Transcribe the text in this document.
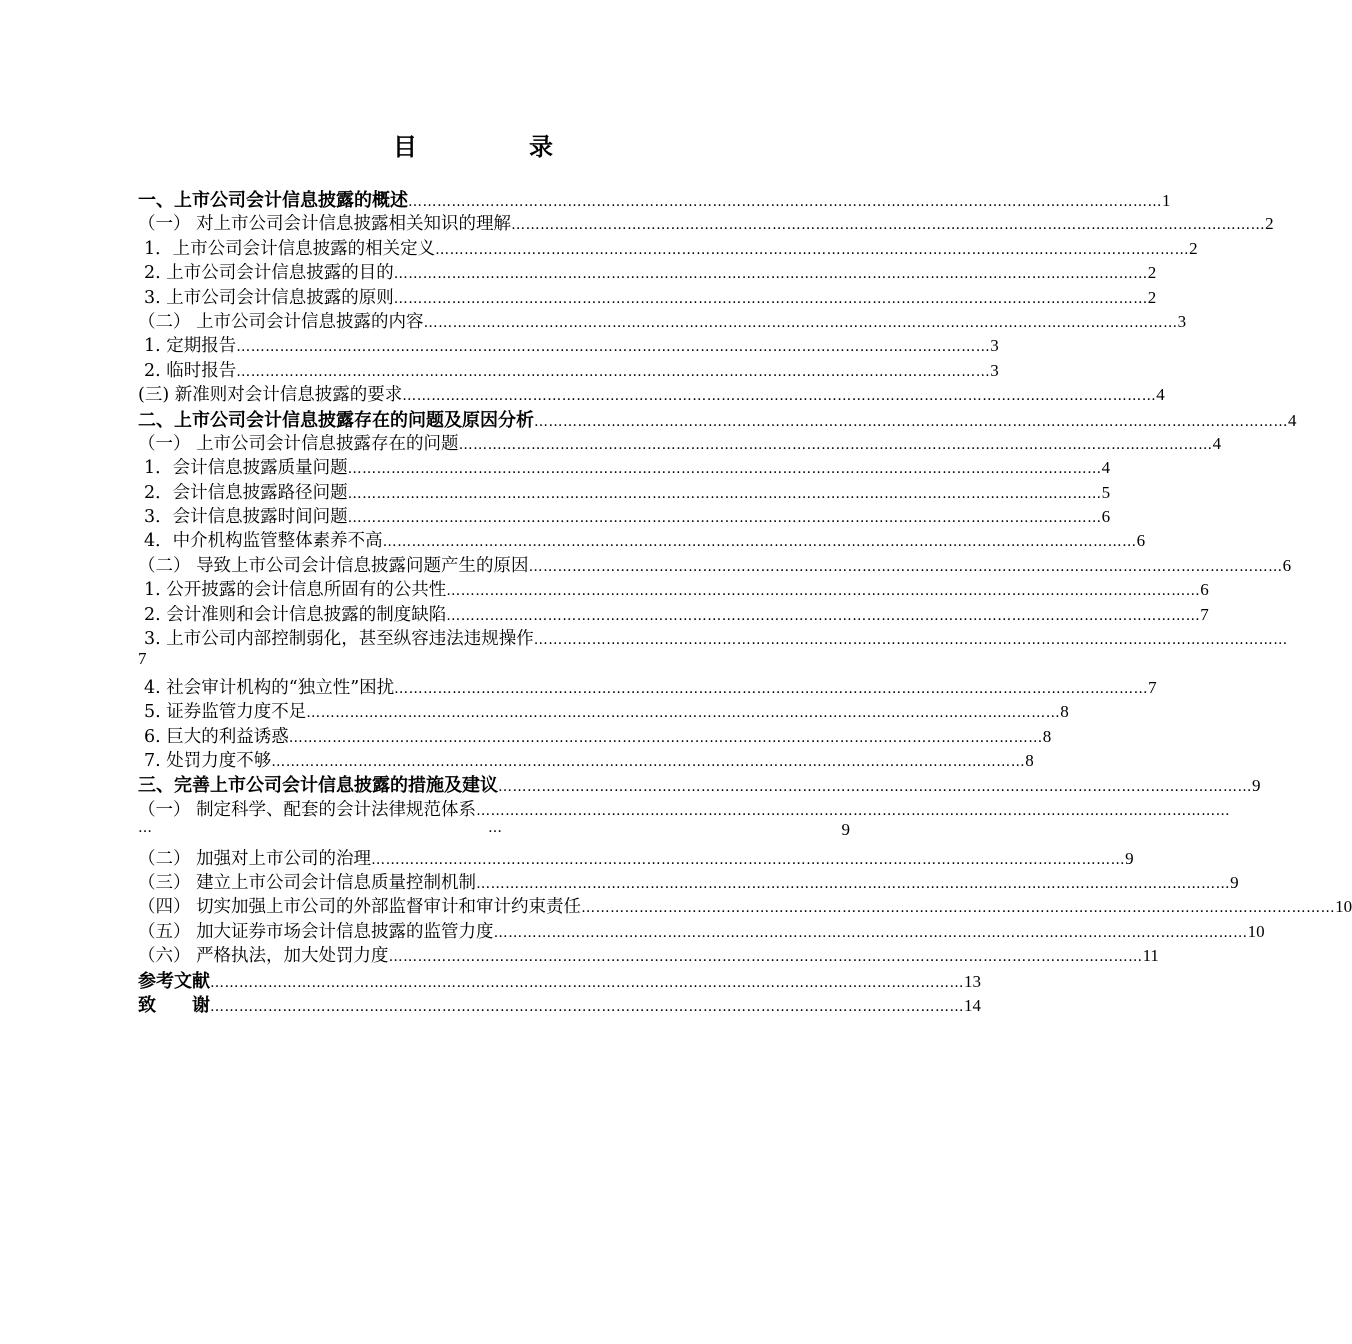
目　录
一、上市公司会计信息披露的概述 ………………………………………………………………………………………………………………………………………… 1
（一） 对上市公司会计信息披露相关知识的理解 ………………………………………………………………………………………………………………………………………… 2
1．上市公司会计信息披露的相关定义 ………………………………………………………………………………………………………………………………………… 2
2. 上市公司会计信息披露的目的 ………………………………………………………………………………………………………………………………………… 2
3. 上市公司会计信息披露的原则 ………………………………………………………………………………………………………………………………………… 2
（二） 上市公司会计信息披露的内容 ………………………………………………………………………………………………………………………………………… 3
1. 定期报告 ………………………………………………………………………………………………………………………………………… 3
2. 临时报告 ………………………………………………………………………………………………………………………………………… 3
(三) 新准则对会计信息披露的要求 ………………………………………………………………………………………………………………………………………… 4
二、上市公司会计信息披露存在的问题及原因分析 ………………………………………………………………………………………………………………………………………… 4
（一） 上市公司会计信息披露存在的问题 ………………………………………………………………………………………………………………………………………… 4
1．会计信息披露质量问题 ………………………………………………………………………………………………………………………………………… 4
2．会计信息披露路径问题 ………………………………………………………………………………………………………………………………………… 5
3．会计信息披露时间问题 ………………………………………………………………………………………………………………………………………… 6
4．中介机构监管整体素养不高 ………………………………………………………………………………………………………………………………………… 6
（二） 导致上市公司会计信息披露问题产生的原因 ………………………………………………………………………………………………………………………………………… 6
1. 公开披露的会计信息所固有的公共性 ………………………………………………………………………………………………………………………………………… 6
2. 会计准则和会计信息披露的制度缺陷 ………………………………………………………………………………………………………………………………………… 7
3. 上市公司内部控制弱化，甚至纵容违法违规操作 …………………………………………………………………………………………………………………………………………
7
4. 社会审计机构的“独立性”困扰 ………………………………………………………………………………………………………………………………………… 7
5. 证券监管力度不足 ………………………………………………………………………………………………………………………………………… 8
6. 巨大的利益诱惑 ………………………………………………………………………………………………………………………………………… 8
7. 处罚力度不够 ………………………………………………………………………………………………………………………………………… 8
三、完善上市公司会计信息披露的措施及建议 ………………………………………………………………………………………………………………………………………… 9
（一） 制定科学、配套的会计法律规范体系 …………………………………………………………………………………………………………………………………………
…	…	9
（二） 加强对上市公司的治理 ………………………………………………………………………………………………………………………………………… 9
（三） 建立上市公司会计信息质量控制机制 ………………………………………………………………………………………………………………………………………… 9
（四） 切实加强上市公司的外部监督审计和审计约束责任 ………………………………………………………………………………………………………………………………………… 10
（五） 加大证券市场会计信息披露的监管力度 ………………………………………………………………………………………………………………………………………… 10
（六） 严格执法，加大处罚力度 ………………………………………………………………………………………………………………………………………… 11
参考文献 ………………………………………………………………………………………………………………………………………… 13
致　　谢 ………………………………………………………………………………………………………………………………………… 14
